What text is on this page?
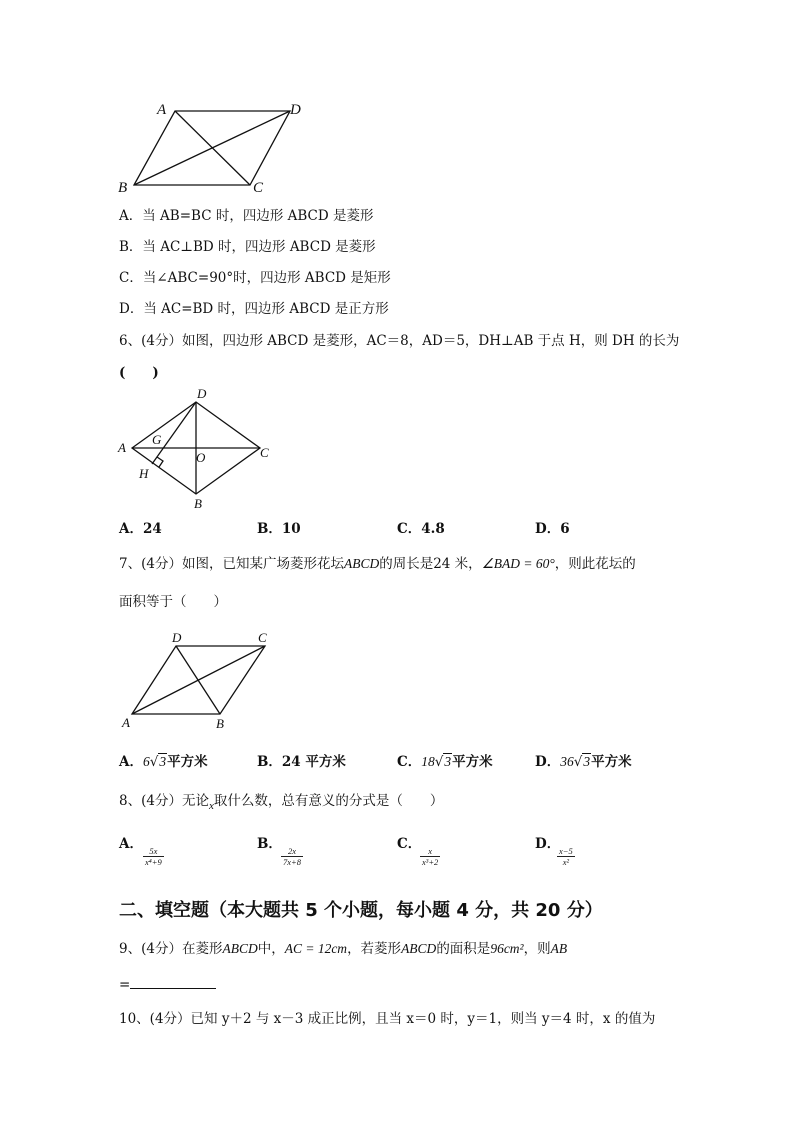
A	D
B	C
A．当 AB=BC 时，四边形 ABCD 是菱形
B．当 AC⊥BD 时，四边形 ABCD 是菱形
C．当∠ABC=90°时，四边形 ABCD 是矩形
D．当 AC=BD 时，四边形 ABCD 是正方形
6、(4分）如图，四边形 ABCD 是菱形，AC＝8，AD＝5，DH⊥AB 于点 H，则 DH 的长为
(　　)
D
A	C
B
G
O
H
A．24	B．10	C．4.8	D．6
7、(4分）如图，已知某广场菱形花坛ABCD的周长是24 米，∠BAD = 60°，则此花坛的
面积等于（　　）
D	C
A	B
A．6√3平方米	B．24 平方米	C．18√3平方米	D．36√3平方米
8、(4分）无论$_x$取什么数，总有意义的分式是（　　）
A．
$\frac{5x}{\text{x⁴+9}}$
B．
$\frac{2x}{7x+8}$
C．
$\frac{x}{\text{x³+2}}$
D．
$\frac{x-5}{\text{x²}}$
二、填空题（本大题共 5 个小题，每小题 4 分，共 20 分）
9、(4分）在菱形ABCD中，AC = 12cm，若菱形ABCD的面积是96cm²，则AB
=
10、(4分）已知 y＋2 与 x－3 成正比例，且当 x＝0 时，y＝1，则当 y＝4 时，x 的值为
